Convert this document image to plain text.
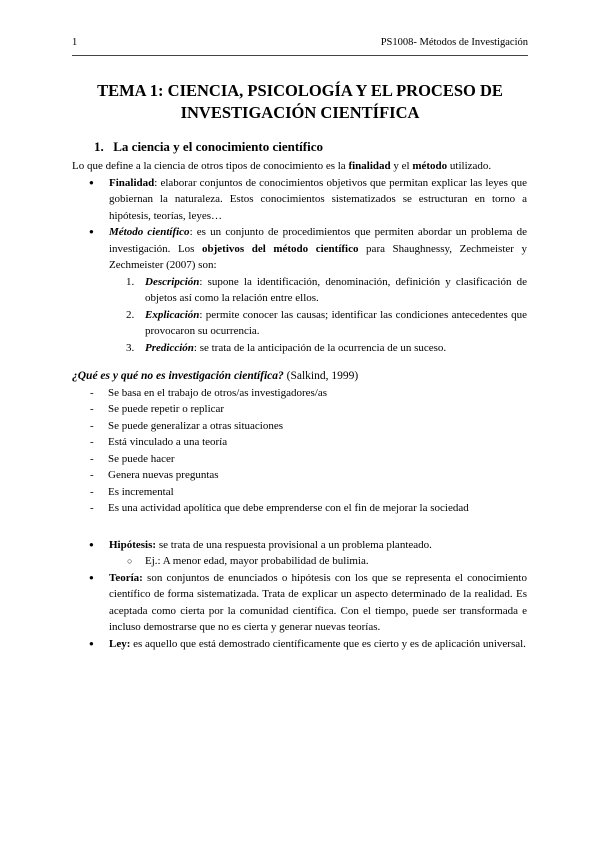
1	PS1008- Métodos de Investigación
TEMA 1: CIENCIA, PSICOLOGÍA Y EL PROCESO DE
INVESTIGACIÓN CIENTÍFICA
1. La ciencia y el conocimiento científico

Lo que define a la ciencia de otros tipos de conocimiento es la finalidad y el método utilizado.

● Finalidad: elaborar conjuntos de conocimientos objetivos que permitan explicar las leyes que gobiernan la naturaleza. Estos conocimientos sistematizados se estructuran en torno a hipótesis, teorías, leyes…
● Método científico: es un conjunto de procedimientos que permiten abordar un problema de investigación. Los objetivos del método científico para Shaughnessy, Zechmeister y Zechmeister (2007) son:
1. Descripción: supone la identificación, denominación, definición y clasificación de objetos así como la relación entre ellos.
2. Explicación: permite conocer las causas; identificar las condiciones antecedentes que provocaron su ocurrencia.
3. Predicción: se trata de la anticipación de la ocurrencia de un suceso.

¿Qué es y qué no es investigación científica? (Salkind, 1999)

- Se basa en el trabajo de otros/as investigadores/as
- Se puede repetir o replicar
- Se puede generalizar a otras situaciones
- Está vinculado a una teoría
- Se puede hacer
- Genera nuevas preguntas
- Es incremental
- Es una actividad apolítica que debe emprenderse con el fin de mejorar la sociedad
● Hipótesis: se trata de una respuesta provisional a un problema planteado.
○ Ej.: A menor edad, mayor probabilidad de bulimia.
● Teoría: son conjuntos de enunciados o hipótesis con los que se representa el conocimiento científico de forma sistematizada. Trata de explicar un aspecto determinado de la realidad. Es aceptada como cierta por la comunidad científica. Con el tiempo, puede ser transformada e incluso demostrarse que no es cierta y generar nuevas teorías.
● Ley: es aquello que está demostrado científicamente que es cierto y es de aplicación universal.
